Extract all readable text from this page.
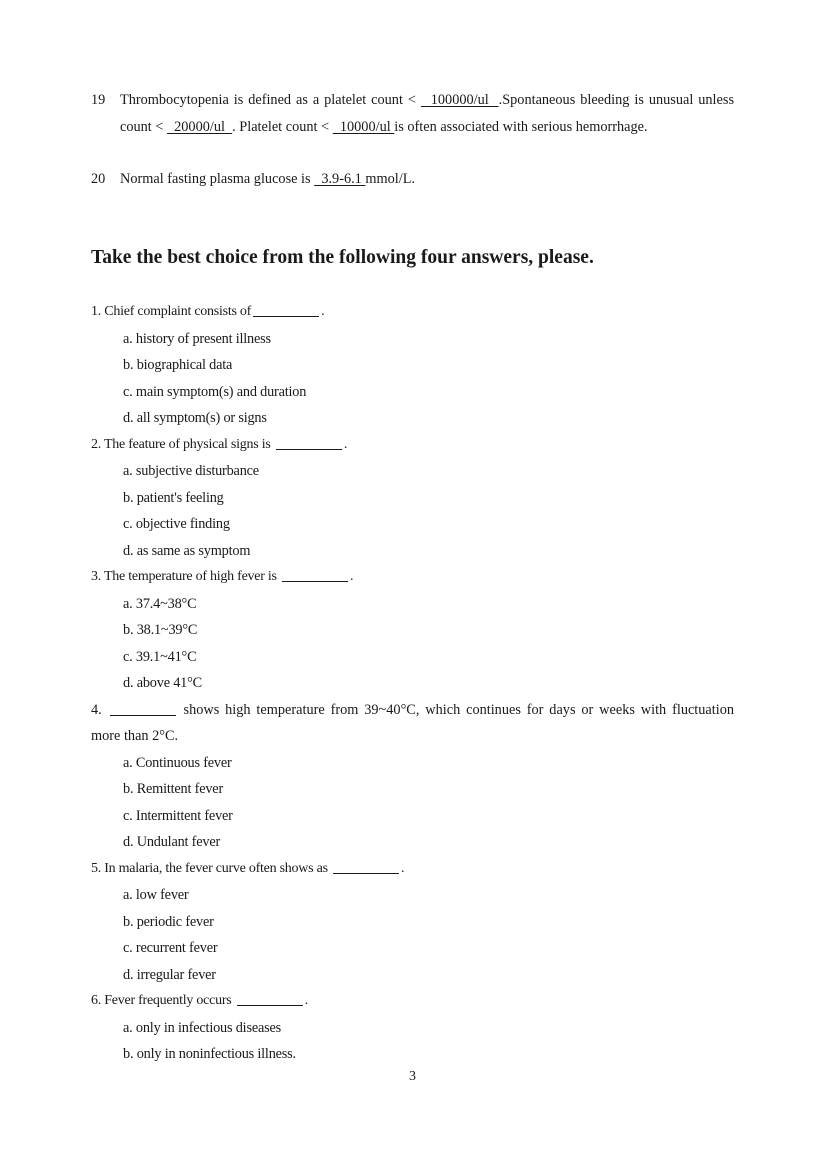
19 Thrombocytopenia is defined as a platelet count <   100000/ul  .Spontaneous bleeding is unusual unless count <   20000/ul  . Platelet count <   10000/ul is often associated with serious hemorrhage.
20 Normal fasting plasma glucose is   3.9-6.1 mmol/L.
Take the best choice from the following four answers, please.
1. Chief complaint consists of	.
a. history of present illness
b. biographical data
c. main symptom(s) and duration
d. all symptom(s) or signs
2. The feature of physical signs is	.
a. subjective disturbance
b. patient's feeling
c. objective finding
d. as same as symptom
3. The temperature of high fever is	.
a. 37.4~38°C
b. 38.1~39°C
c. 39.1~41°C
d. above 41°C
4.	shows high temperature from 39~40°C, which continues for days or weeks with fluctuation more than 2°C.
a. Continuous fever
b. Remittent fever
c. Intermittent fever
d. Undulant fever
5. In malaria, the fever curve often shows as	.
a. low fever
b. periodic fever
c. recurrent fever
d. irregular fever
6. Fever frequently occurs	.
a. only in infectious diseases
b. only in noninfectious illness.
3
